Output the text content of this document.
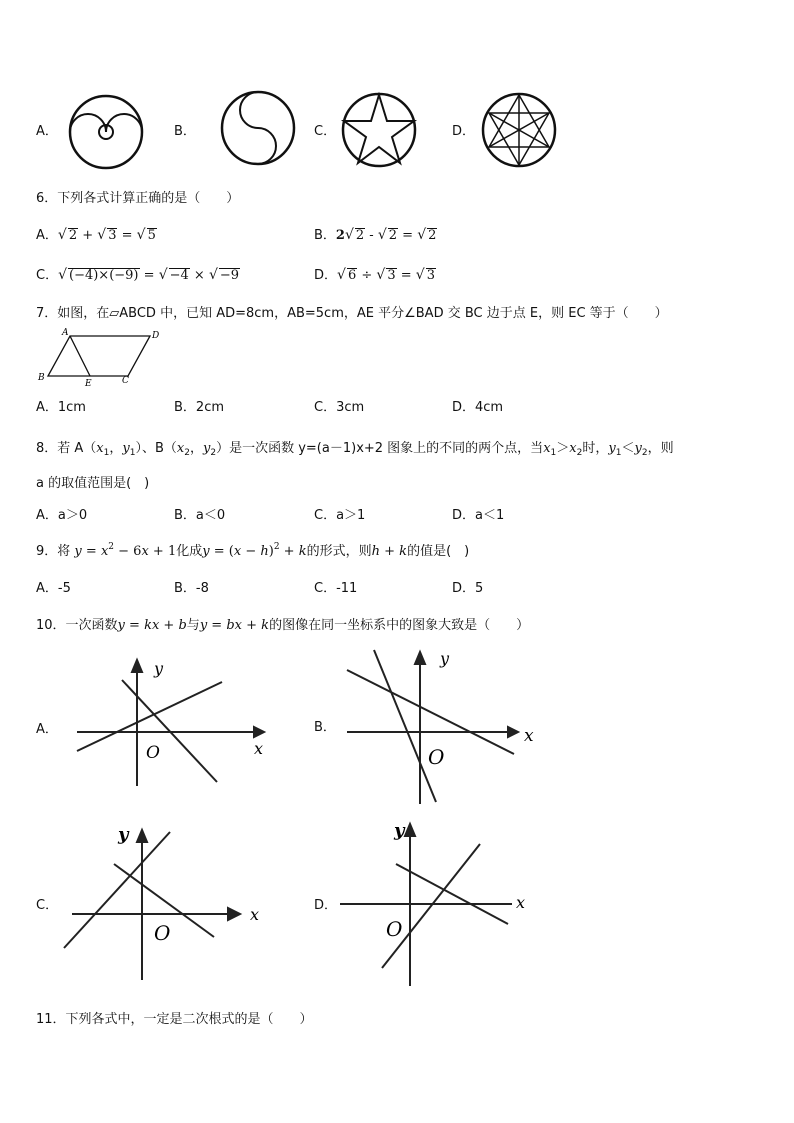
A．	B．	C．	D．
6．下列各式计算正确的是（　　）
A．√ 2 + √ 3 = √ 5	B．2√ 2 - √ 2 = √ 2
C．√ (−4)×(−9) = √ −4 × √ −9	D．√ 6 ÷ √ 3 = √ 3
7．如图，在▱ABCD 中，已知 AD=8cm，AB=5cm，AE 平分∠BAD 交 BC 边于点 E，则 EC 等于（　　）
A	D
B
E	C
A．1cm	B．2cm	C．3cm	D．4cm
8．若 $A(x_1$，$y_1$）、$B(x_2$，$y_2$）是一次函数 y=(a－1)x+2 图象上的不同的两个点，当$x_1>x_2$时，$y_1<y_2$，则
a 的取值范围是(　)
A．a＞0	B．a＜0	C．a＞1	D．a＜1
9．将 $y = x^2 - 6x + 1$化成$y = (x - h)^2 + k$的形式，则h + k的值是(　)
A．-5	B．-8	C．-11	D．5
10．一次函数y = kx + b与y = bx + k的图像在同一坐标系中的图象大致是（　　）
A．
y
x
O
B．
y
x
O
C．
y
x
O
D．
y
x
O
11．下列各式中，一定是二次根式的是（　　）
